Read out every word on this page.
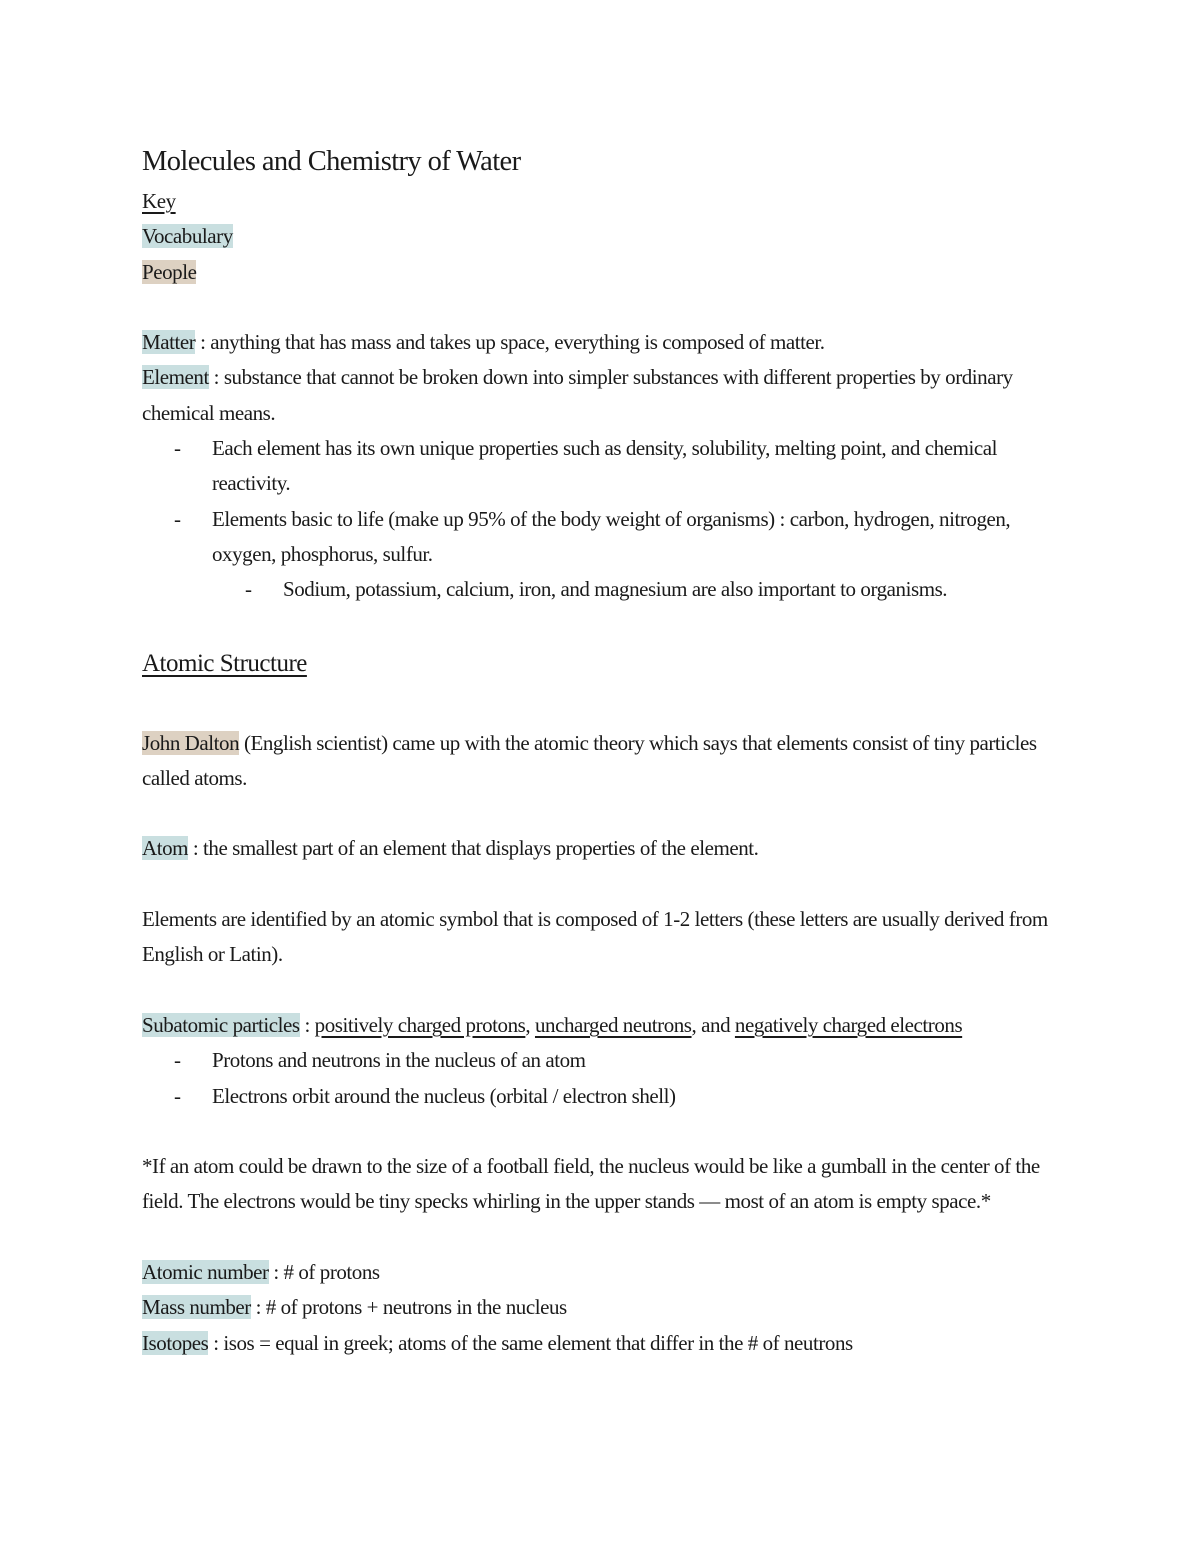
Molecules and Chemistry of Water
Key
Vocabulary
People
Matter : anything that has mass and takes up space, everything is composed of matter.
Element : substance that cannot be broken down into simpler substances with different properties by ordinary chemical means.
-	Each element has its own unique properties such as density, solubility, melting point, and chemical reactivity.
-	Elements basic to life (make up 95% of the body weight of organisms) : carbon, hydrogen, nitrogen, oxygen, phosphorus, sulfur.
-	Sodium, potassium, calcium, iron, and magnesium are also important to organisms.
Atomic Structure
John Dalton (English scientist) came up with the atomic theory which says that elements consist of tiny particles called atoms.
Atom : the smallest part of an element that displays properties of the element.
Elements are identified by an atomic symbol that is composed of 1-2 letters (these letters are usually derived from English or Latin).
Subatomic particles : positively charged protons, uncharged neutrons, and negatively charged electrons
-	Protons and neutrons in the nucleus of an atom
-	Electrons orbit around the nucleus (orbital / electron shell)
*If an atom could be drawn to the size of a football field, the nucleus would be like a gumball in the center of the field. The electrons would be tiny specks whirling in the upper stands — most of an atom is empty space.*
Atomic number : # of protons
Mass number : # of protons + neutrons in the nucleus
Isotopes : isos = equal in greek; atoms of the same element that differ in the # of neutrons
